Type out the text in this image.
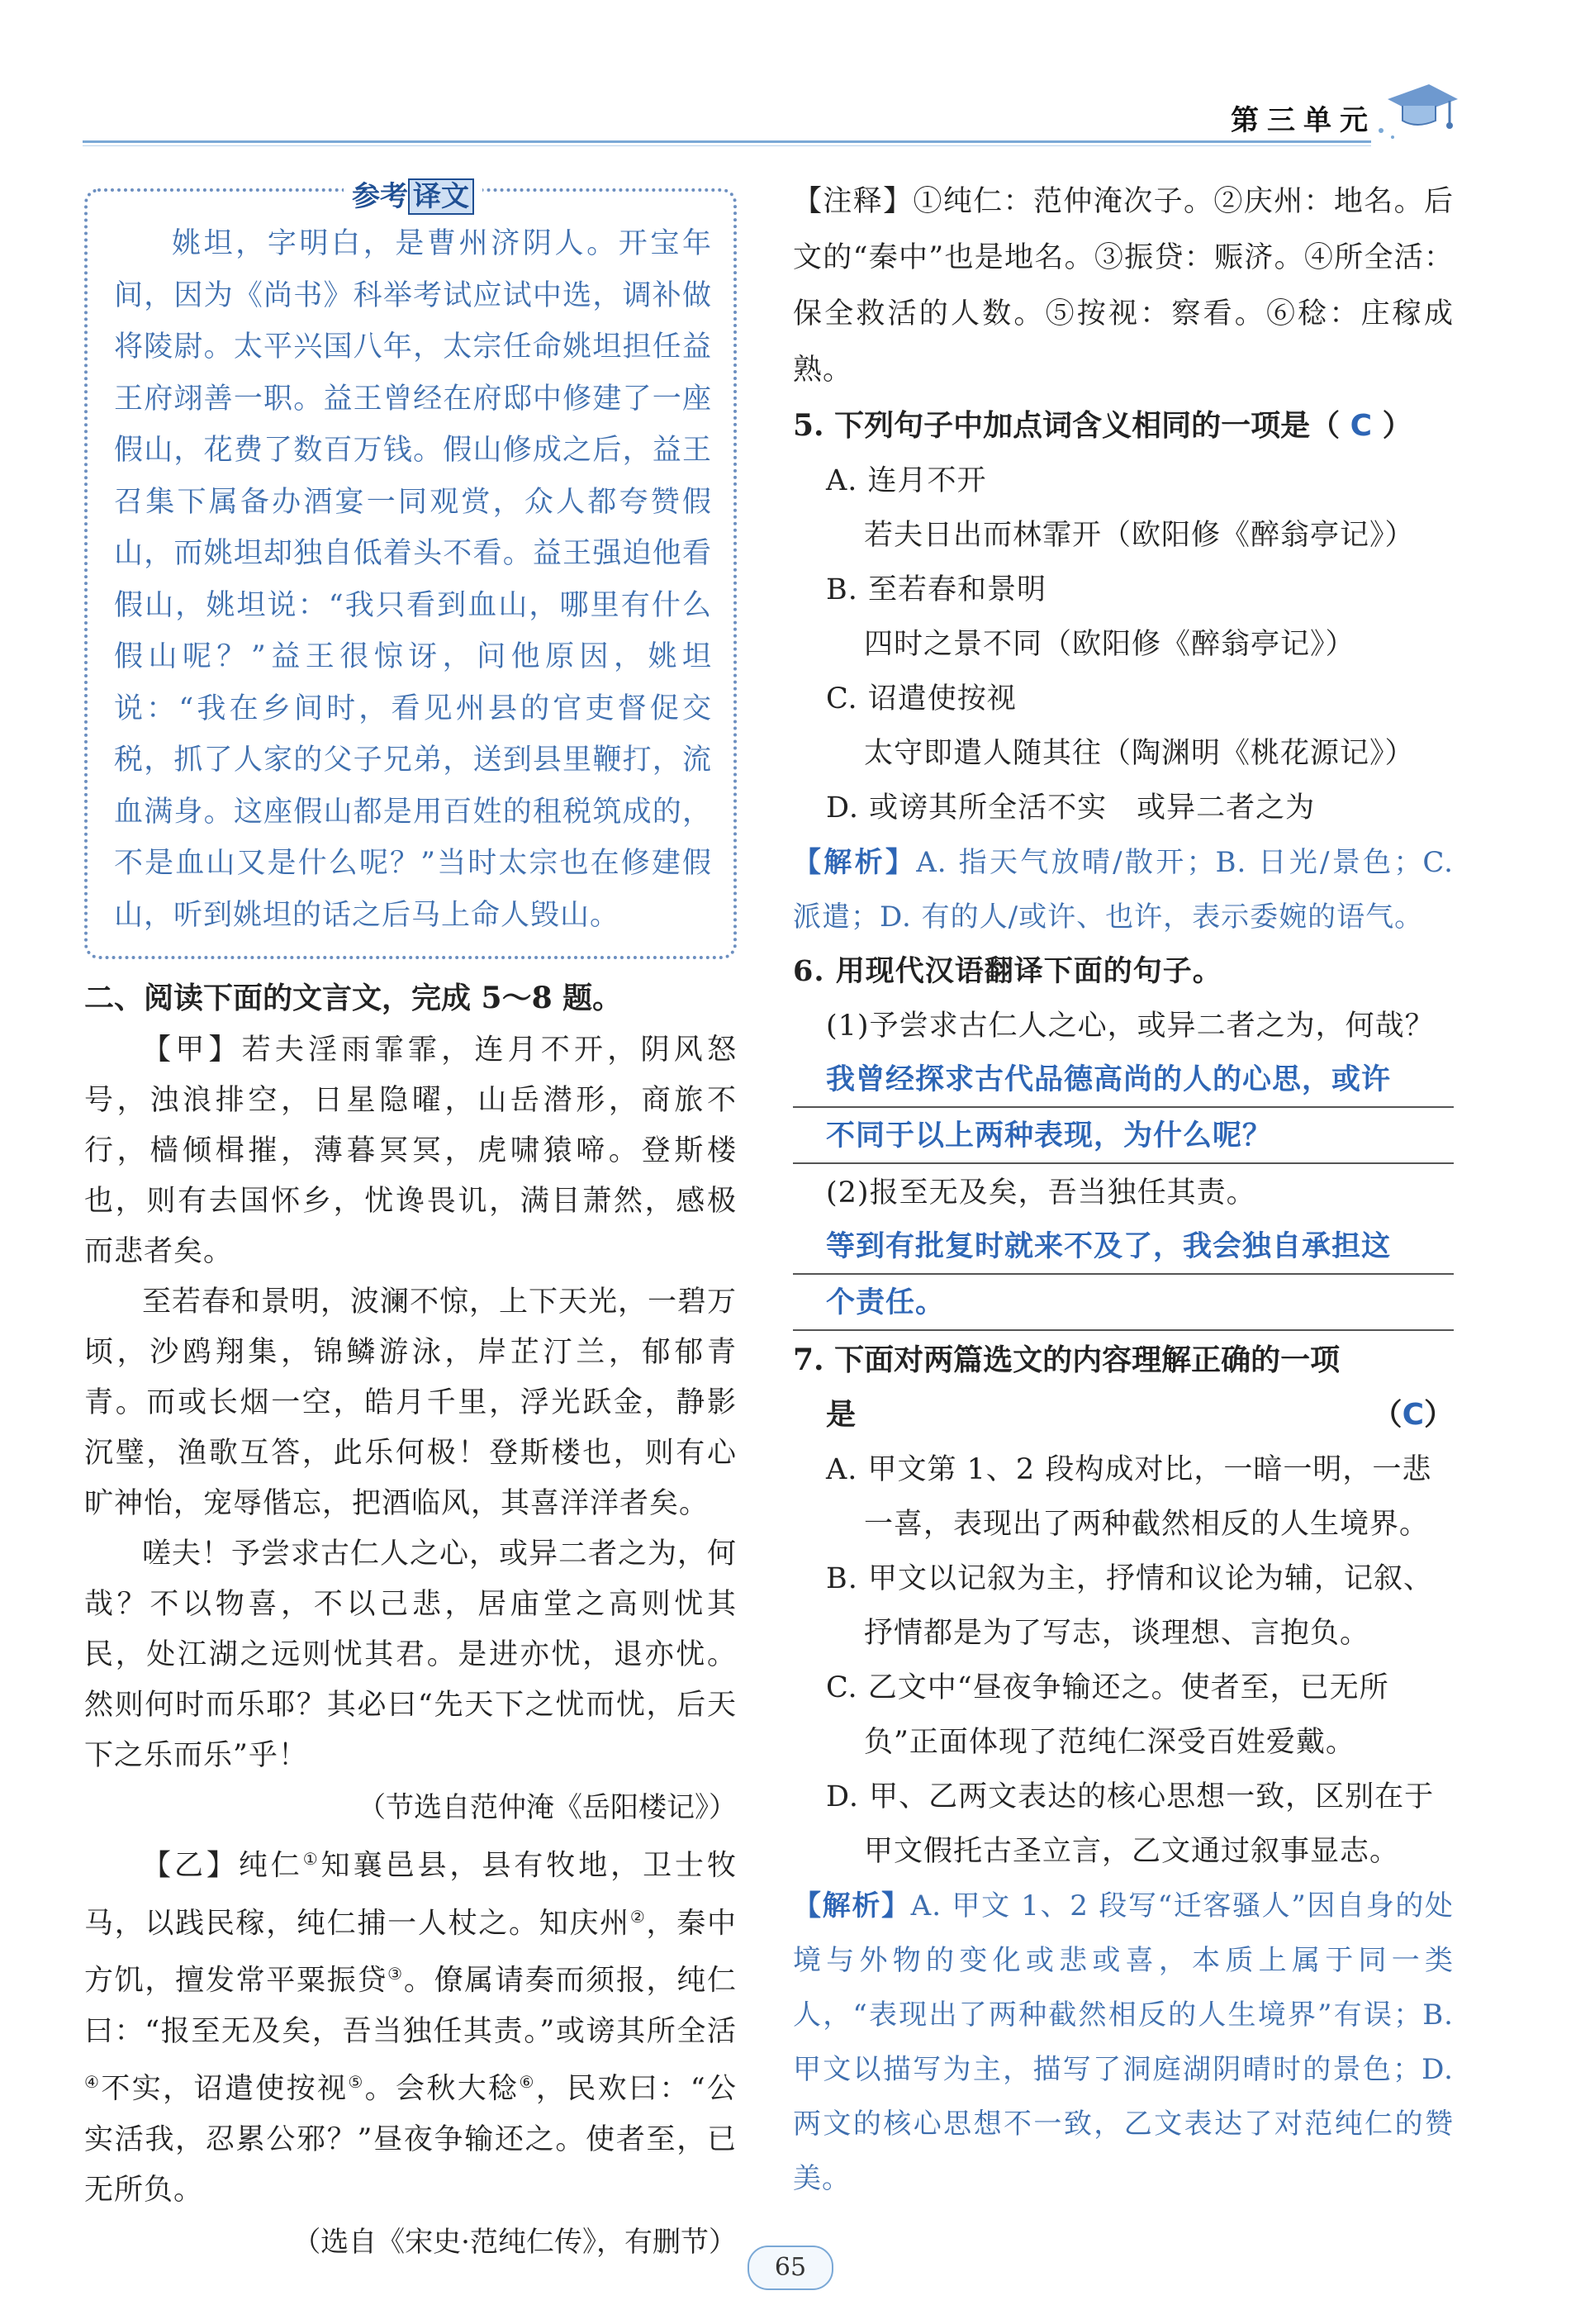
第三单元
参考 译文
姚坦，字明白，是曹州济阴人。开宝年间，因为《尚书》科举考试应试中选，调补做将陵尉。太平兴国八年，太宗任命姚坦担任益王府翊善一职。益王曾经在府邸中修建了一座假山，花费了数百万钱。假山修成之后，益王召集下属备办酒宴一同观赏，众人都夸赞假山，而姚坦却独自低着头不看。益王强迫他看假山，姚坦说：“我只看到血山，哪里有什么假山呢？”益王很惊讶，问他原因，姚坦说：“我在乡间时，看见州县的官吏督促交税，抓了人家的父子兄弟，送到县里鞭打，流血满身。这座假山都是用百姓的租税筑成的，不是血山又是什么呢？”当时太宗也在修建假山，听到姚坦的话之后马上命人毁山。
二、阅读下面的文言文，完成 5～8 题。
【甲】若夫淫雨霏霏，连月不开，阴风怒号，浊浪排空，日星隐曜，山岳潜形，商旅不行，樯倾楫摧，薄暮冥冥，虎啸猿啼。登斯楼也，则有去国怀乡，忧谗畏讥，满目萧然，感极而悲者矣。
至若春和景明，波澜不惊，上下天光，一碧万顷，沙鸥翔集，锦鳞游泳，岸芷汀兰，郁郁青青。而或长烟一空，皓月千里，浮光跃金，静影沉璧，渔歌互答，此乐何极！登斯楼也，则有心旷神怡，宠辱偕忘，把酒临风，其喜洋洋者矣。
嗟夫！予尝求古仁人之心，或异二者之为，何哉？不以物喜，不以己悲，居庙堂之高则忧其民，处江湖之远则忧其君。是进亦忧，退亦忧。然则何时而乐耶？其必曰“先天下之忧而忧，后天下之乐而乐”乎！
（节选自范仲淹《岳阳楼记》）
【乙】纯仁①知襄邑县，县有牧地，卫士牧马，以践民稼，纯仁捕一人杖之。知庆州②，秦中方饥，擅发常平粟振贷③。僚属请奏而须报，纯仁曰：“报至无及矣，吾当独任其责。”或谤其所全活④不实，诏遣使按视⑤。会秋大稔⑥，民欢曰：“公实活我，忍累公邪？”昼夜争输还之。使者至，已无所负。
（选自《宋史·范纯仁传》，有删节）
【注释】①纯仁：范仲淹次子。②庆州：地名。后文的“秦中”也是地名。③振贷：赈济。④所全活：保全救活的人数。⑤按视：察看。⑥稔：庄稼成熟。
5. 下列句子中加点词含义相同的一项是（ C ）
A. 连月不开
若夫日出而林霏开（欧阳修《醉翁亭记》）
B. 至若春和景明
四时之景不同（欧阳修《醉翁亭记》）
C. 诏遣使按视
太守即遣人随其往（陶渊明《桃花源记》）
D. 或谤其所全活不实　或异二者之为
【解析】A. 指天气放晴/散开；B. 日光/景色；C. 派遣；D. 有的人/或许、也许，表示委婉的语气。
6. 用现代汉语翻译下面的句子。
(1)予尝求古仁人之心，或异二者之为，何哉？
我曾经探求古代品德高尚的人的心思，或许
不同于以上两种表现，为什么呢？
(2)报至无及矣，吾当独任其责。
等到有批复时就来不及了，我会独自承担这
个责任。
7. 下面对两篇选文的内容理解正确的一项
是	（C）
A. 甲文第 1、2 段构成对比，一暗一明，一悲一喜，表现出了两种截然相反的人生境界。
B. 甲文以记叙为主，抒情和议论为辅，记叙、抒情都是为了写志，谈理想、言抱负。
C. 乙文中“昼夜争输还之。使者至，已无所负”正面体现了范纯仁深受百姓爱戴。
D. 甲、乙两文表达的核心思想一致，区别在于甲文假托古圣立言，乙文通过叙事显志。
【解析】A. 甲文 1、2 段写“迁客骚人”因自身的处境与外物的变化或悲或喜，本质上属于同一类人，“表现出了两种截然相反的人生境界”有误；B. 甲文以描写为主，描写了洞庭湖阴晴时的景色；D. 两文的核心思想不一致，乙文表达了对范纯仁的赞美。
65
